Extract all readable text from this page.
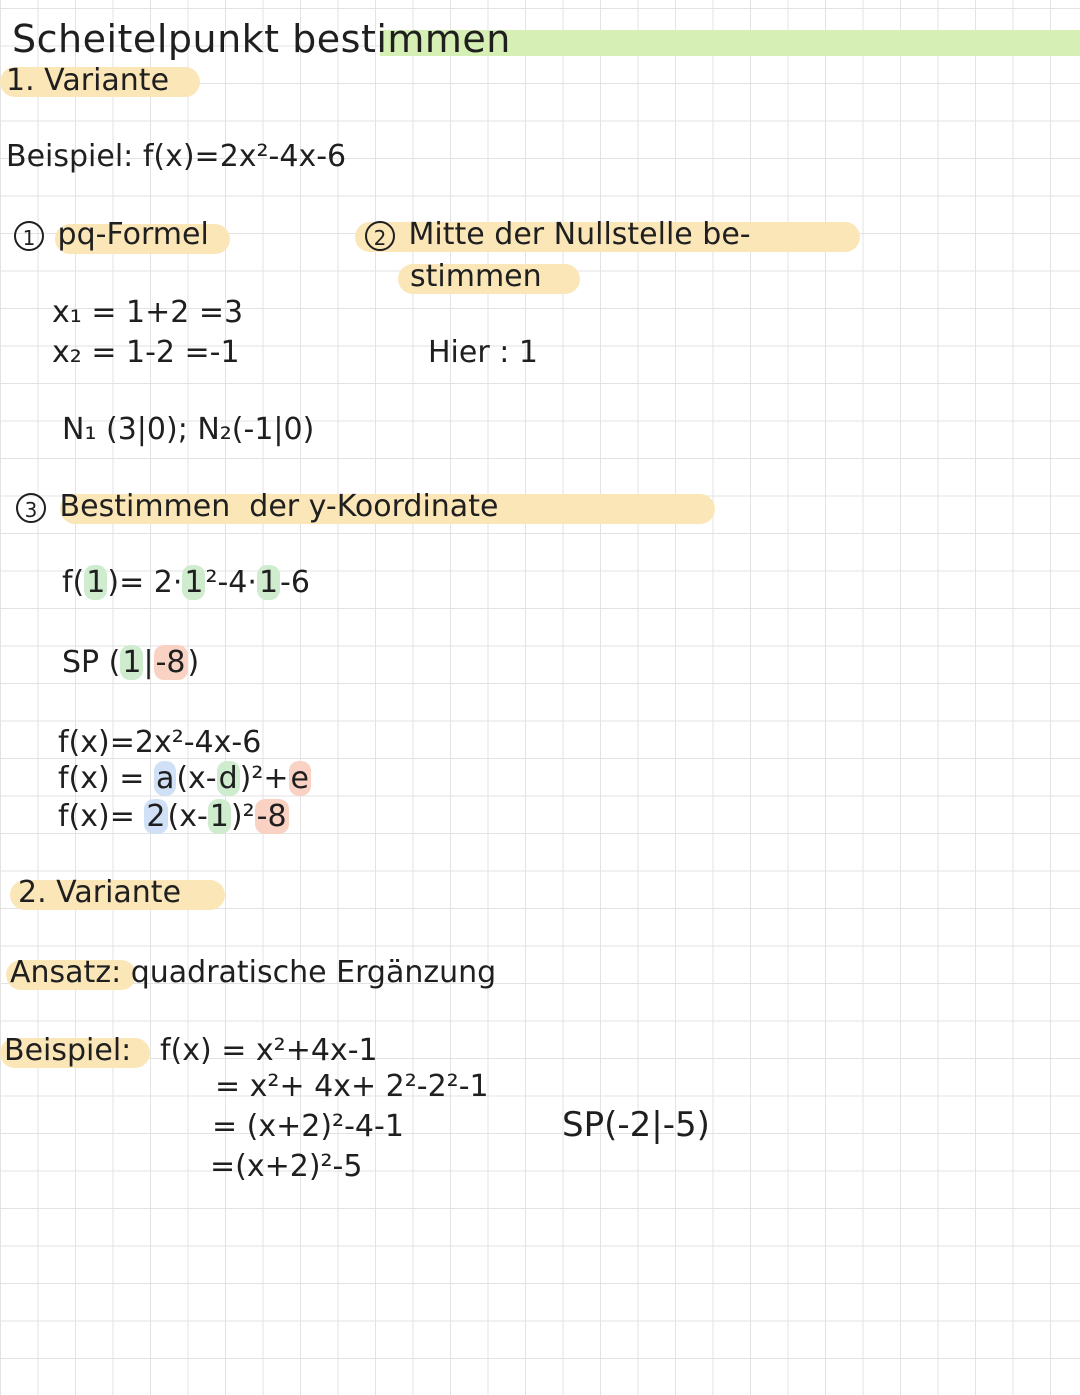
Scheitelpunkt bestimmen
1. Variante
Beispiel: f(x)=2x²-4x-6
1 pq-Formel	2 Mitte der Nullstelle be-
stimmen
x₁ = 1+2 =3
x₂ = 1-2 =-1	Hier : 1
N₁ (3|0); N₂(-1|0)
3 Bestimmen  der y-Koordinate
f(1)= 2·1²-4·1-6
SP (1|-8)
f(x)=2x²-4x-6
f(x) = a(x-d)²+e
f(x)= 2(x-1)²-8
2. Variante
Ansatz: quadratische Ergänzung
Beispiel: f(x) = x²+4x-1
= x²+ 4x+ 2²-2²-1
= (x+2)²-4-1
=(x+2)²-5
SP(-2|-5)
